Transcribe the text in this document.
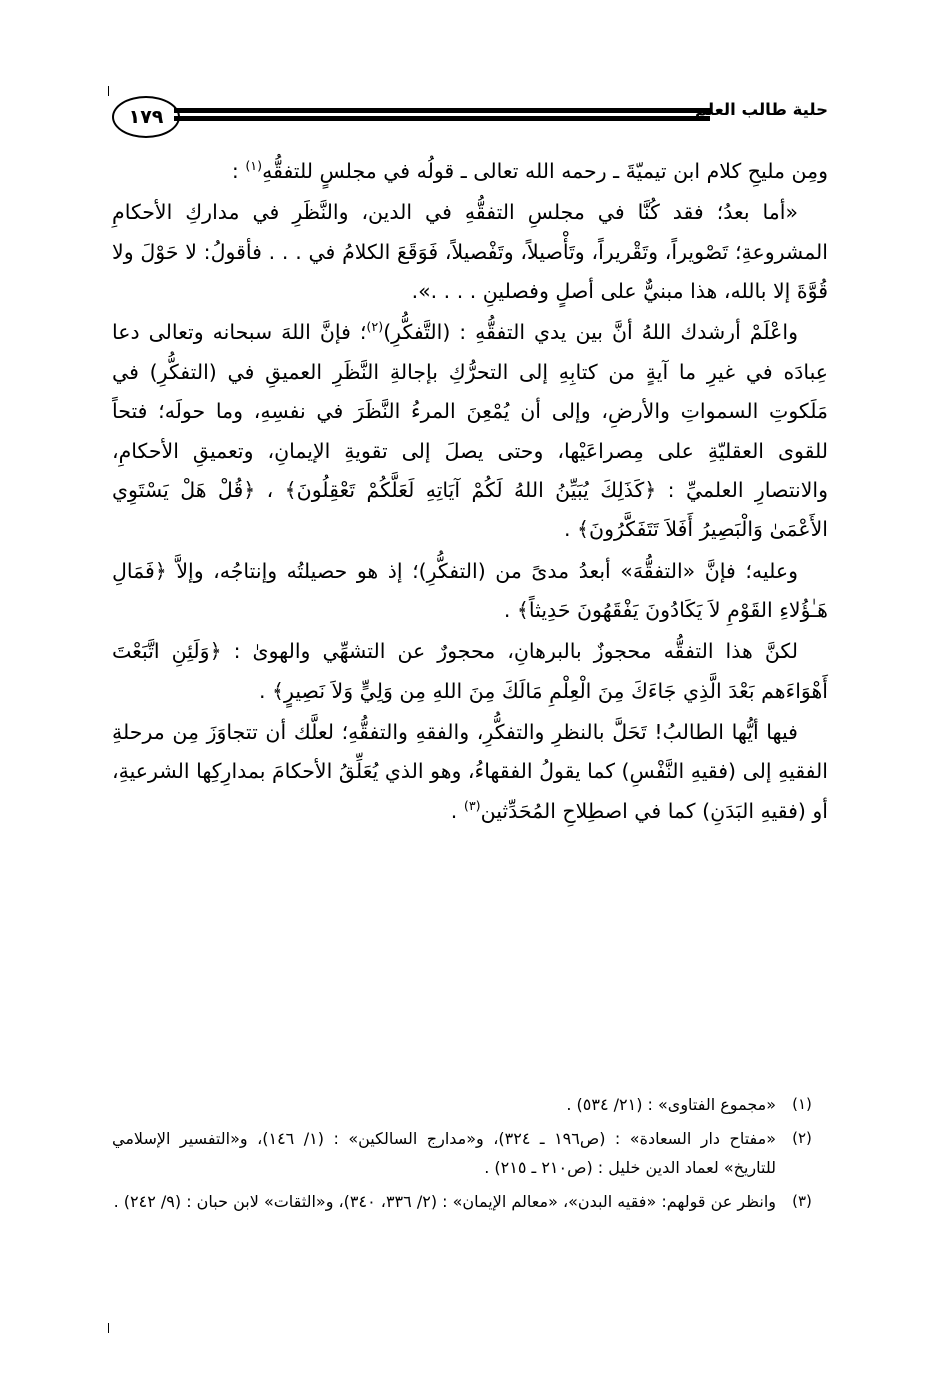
١٧٩	حلية طالب العلم

ومِن مليحِ كلام ابن تيميّةَ ـ رحمه الله تعالى ـ قولُه في مجلسٍ للتفقُّهِ$^{(١)}$ :

«أما بعدُ؛ فقد كُنَّا في مجلسِ التفقُّهِ في الدين، والنَّظَرِ في مداركِ الأحكامِ المشروعةِ؛ تَصْويراً، وتَقْريراً، وتَأْصيلاً، وتَفْصيلاً، فَوَقَعَ الكلامُ في . . . فأقولُ: لا حَوْلَ ولا قُوَّةَ إلا بالله، هذا مبنيٌّ على أصلٍ وفصلينِ . . . .».

واعْلَمْ أرشدك اللهُ أنَّ بين يدي التفقُّهِ : (التَّفكُّرِ)$^{(٢)}$؛ فإنَّ اللهَ سبحانه وتعالى دعا عِبادَه في غيرِ ما آيةٍ من كتابِهِ إلى التحرُّكِ بإجالةِ النَّظَرِ العميقِ في (التفكُّرِ) في مَلَكوتِ السمواتِ والأرضِ، وإلى أن يُمْعِنَ المرءُ النَّظَرَ في نفسِهِ، وما حولَه؛ فتحاً للقوى العقليّةِ على مِصراعَيْها، وحتى يصلَ إلى تقويةِ الإيمانِ، وتعميقِ الأحكامِ، والانتصارِ العلميِّ : ﴿كَذَلِكَ يُبَيِّنُ اللهُ لَكُمْ آيَاتِهِ لَعَلَّكُمْ تَعْقِلُونَ﴾ ، ﴿قُلْ هَلْ يَسْتَوِي الأَعْمَىٰ وَالْبَصِيرُ أَفَلاَ تَتَفَكَّرُونَ﴾ .

وعليه؛ فإنَّ «التفقُّهَ» أبعدُ مدىً من (التفكُّرِ)؛ إذ هو حصيلتُه وإنتاجُه، وإلاَّ ﴿فَمَالِ هَـٰؤُلاءِ القَوْمِ لاَ يَكَادُونَ يَفْقَهُونَ حَدِيثاً﴾ .

لكنَّ هذا التفقُّه محجوزٌ بالبرهانِ، محجورٌ عن التشهِّي والهوىٰ : ﴿وَلَئِنِ اتَّبَعْتَ أَهْوَاءَهم بَعْدَ الَّذِي جَاءَكَ مِنَ الْعِلْمِ مَالَكَ مِنَ اللهِ مِن وَلِيٍّ وَلاَ نَصِيرٍ﴾ .

فيها أيُّها الطالبُ! تَحَلَّ بالنظرِ والتفكُّرِ، والفقهِ والتفقُّهِ؛ لعلَّك أن تتجاوَزَ مِن مرحلةِ الفقيهِ إلى (فقيهِ النَّفْسِ) كما يقولُ الفقهاءُ، وهو الذي يُعَلِّقُ الأحكامَ بمدارِكِها الشرعيةِ، أو (فقيهِ البَدَنِ) كما في اصطِلاحِ المُحَدِّثين$^{(٣)}$ .

(١)
«مجموع الفتاوى» : (٢١/ ٥٣٤) .
(٢)
«مفتاح دار السعادة» : (ص١٩٦ ـ ٣٢٤)، و«مدارج السالكين» : (١/ ١٤٦)، و«التفسير الإسلامي للتاريخ» لعماد الدين خليل : (ص٢١٠ ـ ٢١٥) .
(٣)
وانظر عن قولهم: «فقيه البدن»، «معالم الإيمان» : (٢/ ٣٣٦، ٣٤٠)، و«الثقات» لابن حبان : (٩/ ٢٤٢) .
